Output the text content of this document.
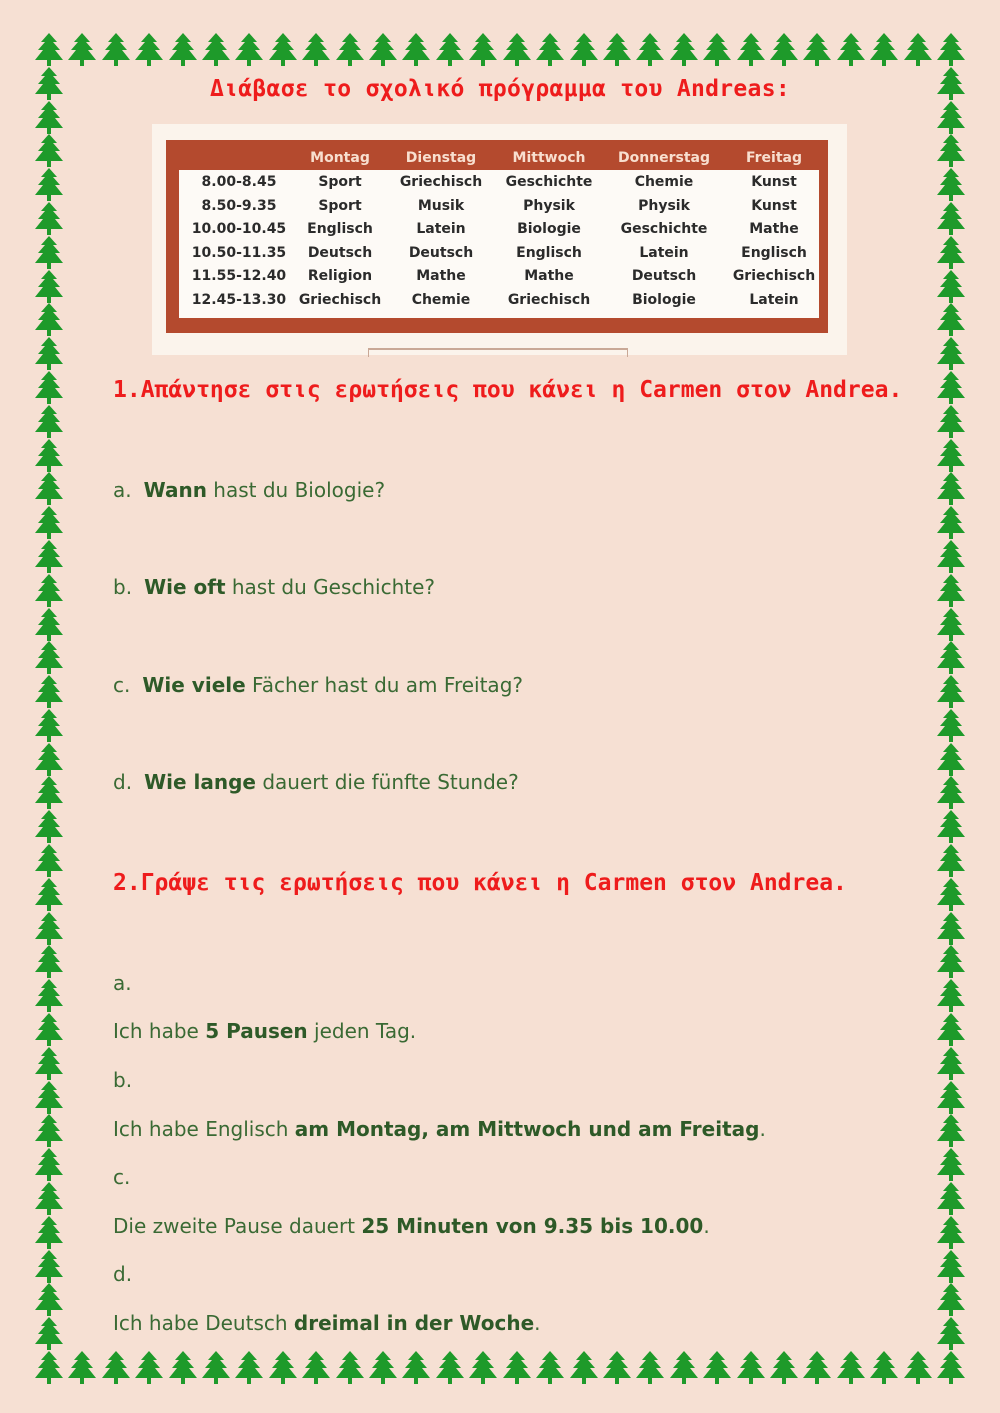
Διάβασε το σχολικό πρόγραμμα του Andreas:
Montag	Dienstag	Mittwoch	Donnerstag	Freitag
8.00-8.45	Sport	Griechisch	Geschichte	Chemie	Kunst
8.50-9.35	Sport	Musik	Physik	Physik	Kunst
10.00-10.45	Englisch	Latein	Biologie	Geschichte	Mathe
10.50-11.35	Deutsch	Deutsch	Englisch	Latein	Englisch
11.55-12.40	Religion	Mathe	Mathe	Deutsch	Griechisch
12.45-13.30 Griechisch	Chemie	Griechisch	Biologie	Latein
1.Απάντησε στις ερωτήσεις που κάνει η Carmen στον Andrea.
a. Wann hast du Biologie?
b. Wie oft hast du Geschichte?
c. Wie viele Fächer hast du am Freitag?
d. Wie lange dauert die fünfte Stunde?
2.Γράψε τις ερωτήσεις που κάνει η Carmen στον Andrea.
a.
Ich habe 5 Pausen jeden Tag.
b.
Ich habe Englisch am Montag, am Mittwoch und am Freitag.
c.
Die zweite Pause dauert 25 Minuten von 9.35 bis 10.00.
d.
Ich habe Deutsch dreimal in der Woche.
